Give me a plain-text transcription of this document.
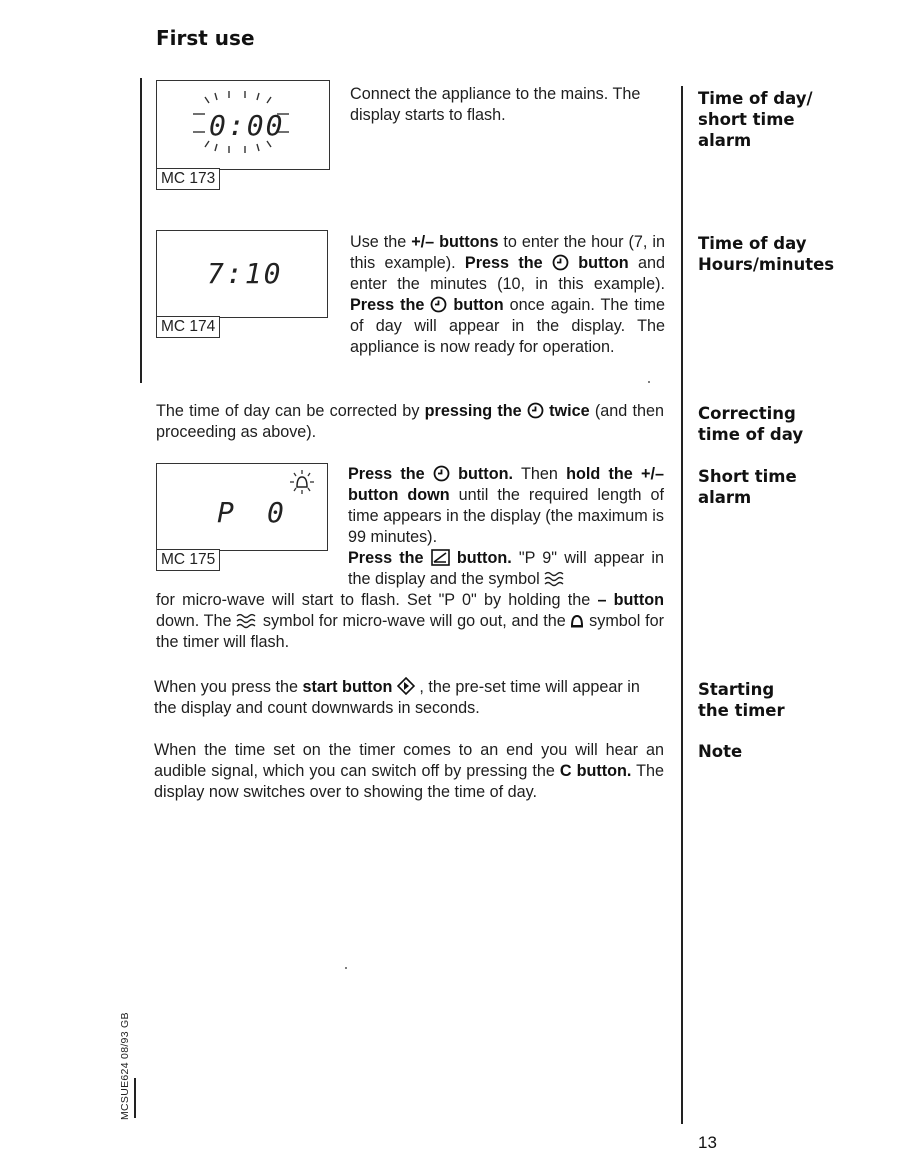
First use
0:00
MC 173
Connect the appliance to the mains. The display starts to flash.
Time of day/
short time
alarm
7:10
MC 174
Use the +/– buttons to enter the hour (7, in this example). Press the button and enter the minutes (10, in this example). Press the button once again. The time of day will appear in the display. The appliance is now ready for operation.
Time of day
Hours/minutes
The time of day can be corrected by pressing the twice (and then proceeding as above).
Correcting
time of day
P 0
MC 175
Press the button. Then hold the +/– button down until the required length of time appears in the display (the maximum is 99 minutes).
Press the button. "P 9" will appear in the display and the symbol
for micro-wave will start to flash. Set "P 0" by holding the – button down. The symbol for micro-wave will go out, and the symbol for the timer will flash.
Short time
alarm
When you press the start button , the pre-set time will appear in the display and count downwards in seconds.
Starting
the timer
When the time set on the timer comes to an end you will hear an audible signal, which you can switch off by pressing the C button. The display now switches over to showing the time of day.
Note
MCSUE624 08/93 GB
13
